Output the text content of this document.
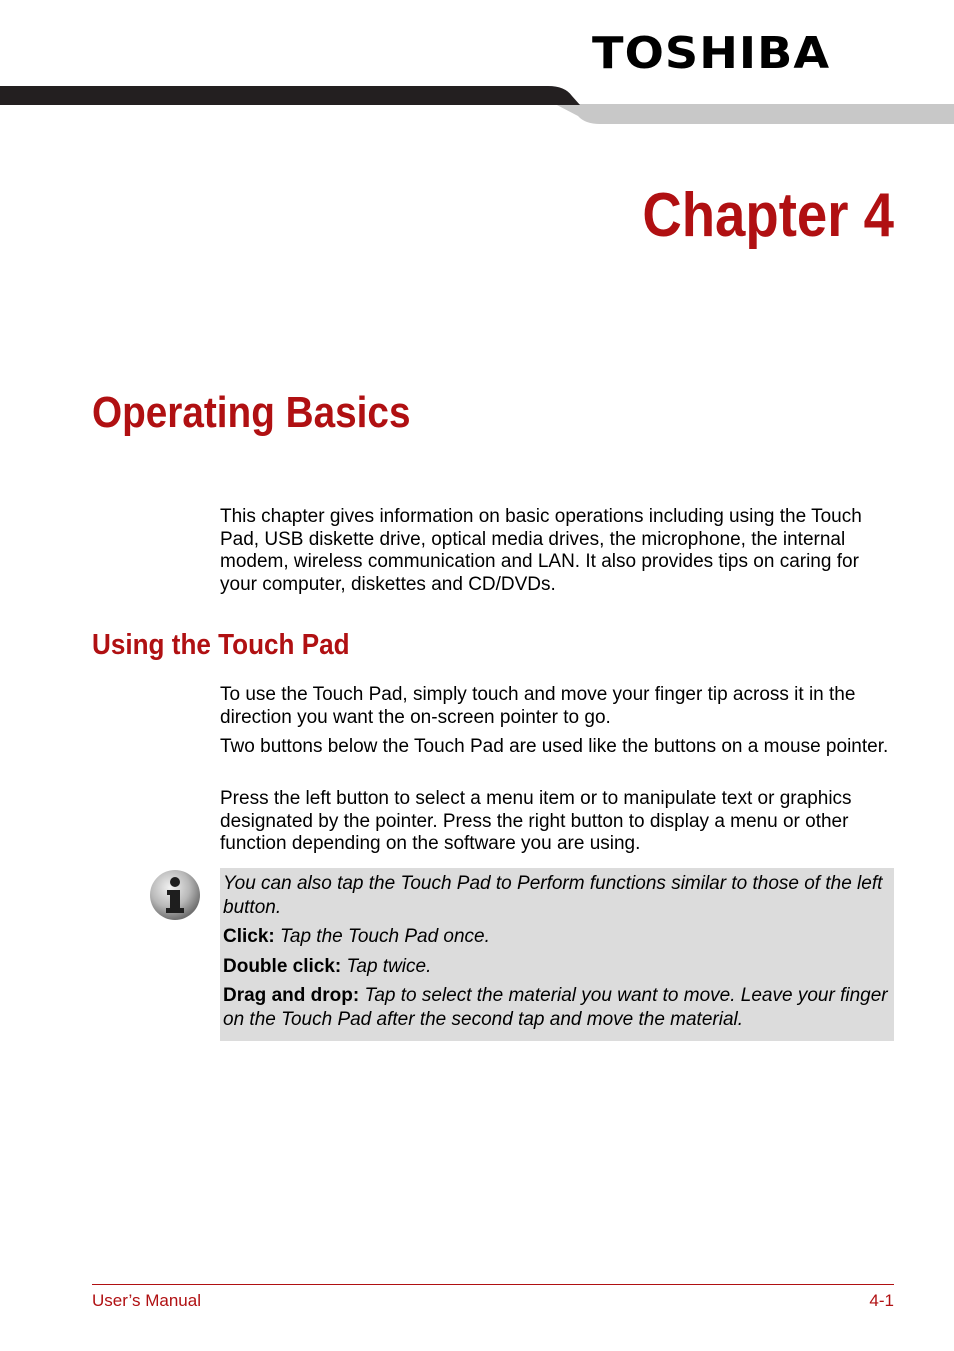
TOSHIBA
Chapter 4
Operating Basics

This chapter gives information on basic operations including using the Touch Pad, USB diskette drive, optical media drives, the microphone, the internal modem, wireless communication and LAN. It also provides tips on caring for your computer, diskettes and CD/DVDs.

Using the Touch Pad

To use the Touch Pad, simply touch and move your finger tip across it in the direction you want the on-screen pointer to go.

Two buttons below the Touch Pad are used like the buttons on a mouse pointer.

Press the left button to select a menu item or to manipulate text or graphics designated by the pointer. Press the right button to display a menu or other function depending on the software you are using.

You can also tap the Touch Pad to Perform functions similar to those of the left button.

Click: Tap the Touch Pad once.

Double click: Tap twice.

Drag and drop: Tap to select the material you want to move. Leave your finger on the Touch Pad after the second tap and move the material.

User’s Manual	4-1
